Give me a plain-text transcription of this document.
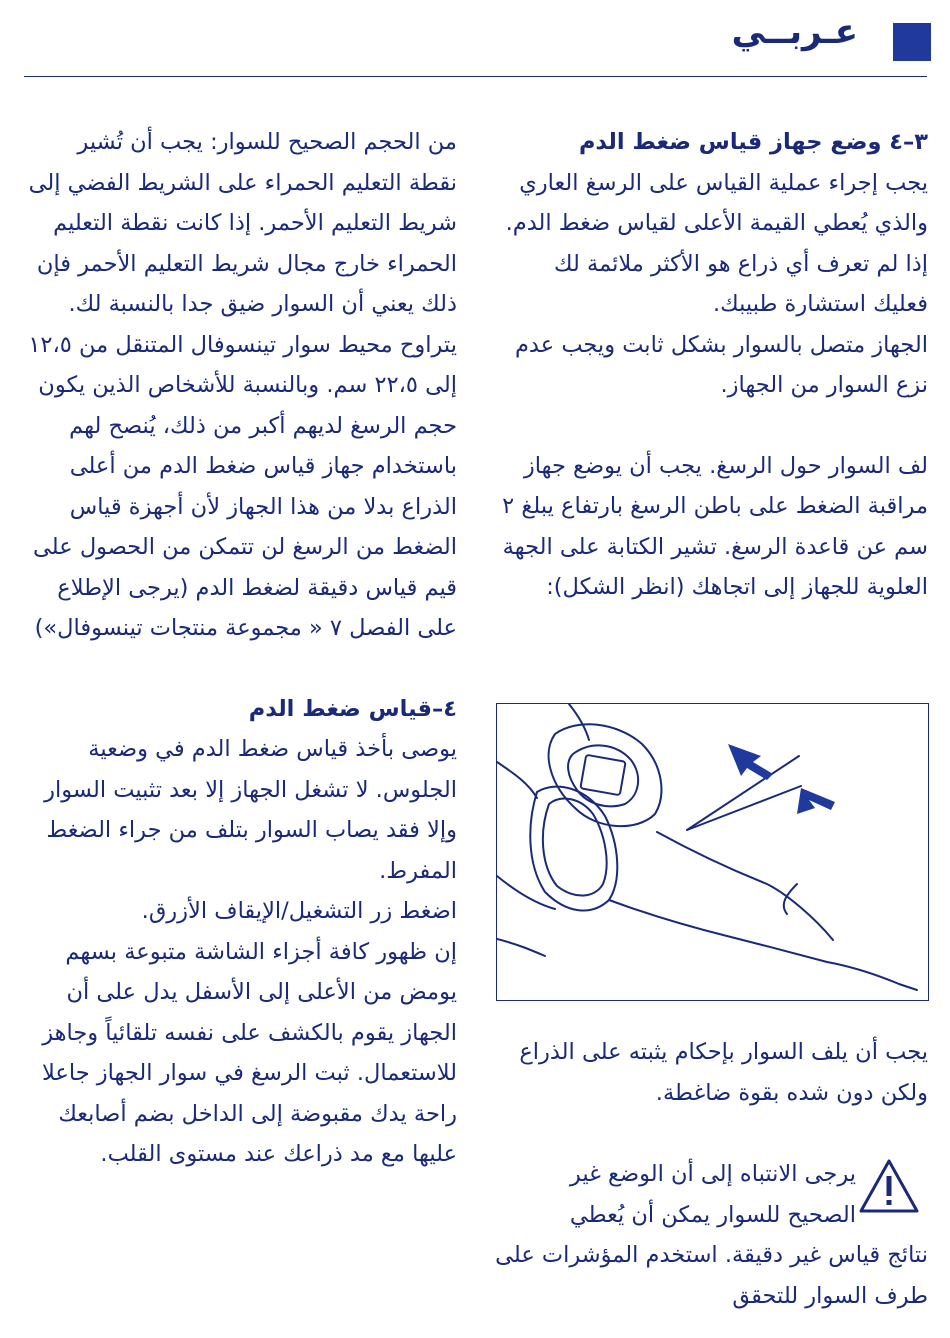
عـربــي

٣–٤ وضع جهاز قياس ضغط الدم

يجب إجراء عملية القياس على الرسغ العاري والذي يُعطي القيمة الأعلى لقياس ضغط الدم. إذا لم تعرف أي ذراع هو الأكثر ملائمة لك فعليك استشارة طبيبك.

الجهاز متصل بالسوار بشكل ثابت ويجب عدم نزع السوار من الجهاز.

لف السوار حول الرسغ. يجب أن يوضع جهاز مراقبة الضغط على باطن الرسغ بارتفاع يبلغ ٢ سم عن قاعدة الرسغ. تشير الكتابة على الجهة العلوية للجهاز إلى اتجاهك (انظر الشكل):

يجب أن يلف السوار بإحكام يثبته على الذراع ولكن دون شده بقوة ضاغطة.

يرجى الانتباه إلى أن الوضع غير الصحيح للسوار يمكن أن يُعطي

نتائج قياس غير دقيقة. استخدم المؤشرات على طرف السوار للتحقق

من الحجم الصحيح للسوار: يجب أن تُشير نقطة التعليم الحمراء على الشريط الفضي إلى شريط التعليم الأحمر. إذا كانت نقطة التعليم الحمراء خارج مجال شريط التعليم الأحمر فإن ذلك يعني أن السوار ضيق جدا بالنسبة لك. يتراوح محيط سوار تينسوفال المتنقل من ١٢،٥ إلى ٢٢،٥ سم. وبالنسبة للأشخاص الذين يكون حجم الرسغ لديهم أكبر من ذلك، يُنصح لهم باستخدام جهاز قياس ضغط الدم من أعلى الذراع بدلا من هذا الجهاز لأن أجهزة قياس الضغط من الرسغ لن تتمكن من الحصول على قيم قياس دقيقة لضغط الدم (يرجى الإطلاع على الفصل ٧ « مجموعة منتجات تينسوفال»)

٤–قياس ضغط الدم

يوصى بأخذ قياس ضغط الدم في وضعية الجلوس. لا تشغل الجهاز إلا بعد تثبيت السوار وإلا فقد يصاب السوار بتلف من جراء الضغط المفرط.

اضغط زر التشغيل/الإيقاف الأزرق.

إن ظهور كافة أجزاء الشاشة متبوعة بسهم يومض من الأعلى إلى الأسفل يدل على أن الجهاز يقوم بالكشف على نفسه تلقائياً وجاهز للاستعمال. ثبت الرسغ في سوار الجهاز جاعلا راحة يدك مقبوضة إلى الداخل بضم أصابعك عليها مع مد ذراعك عند مستوى القلب.
